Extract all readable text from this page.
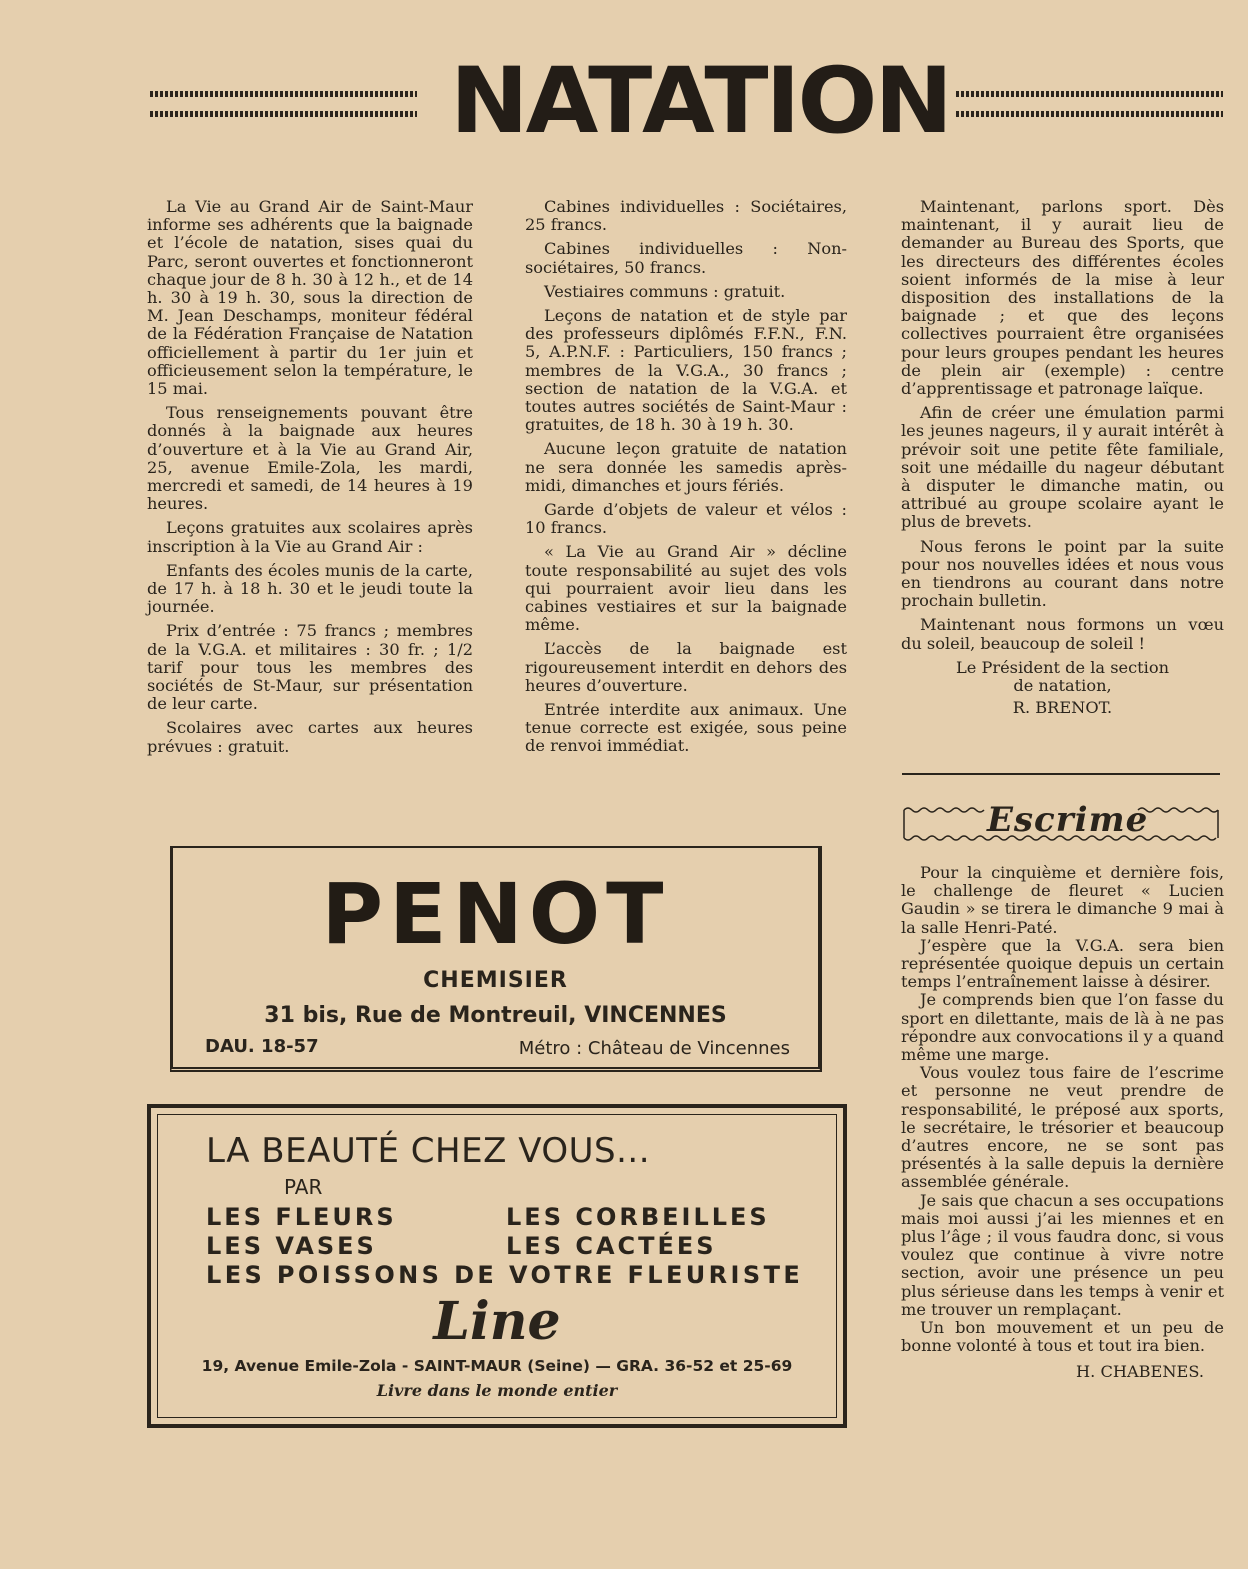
NATATION

La Vie au Grand Air de Saint-Maur informe ses adhérents que la baignade et l’école de natation, sises quai du Parc, seront ouvertes et fonctionneront chaque jour de 8 h. 30 à 12 h., et de 14 h. 30 à 19 h. 30, sous la direction de M. Jean Deschamps, moniteur fédéral de la Fédération Française de Natation officiellement à partir du 1er juin et officieusement selon la température, le 15 mai.

Tous renseignements pouvant être donnés à la baignade aux heures d’ouverture et à la Vie au Grand Air, 25, avenue Emile-Zola, les mardi, mercredi et samedi, de 14 heures à 19 heures.

Leçons gratuites aux scolaires après inscription à la Vie au Grand Air :

Enfants des écoles munis de la carte, de 17 h. à 18 h. 30 et le jeudi toute la journée.

Prix d’entrée : 75 francs ; membres de la V.G.A. et militaires : 30 fr. ; 1/2 tarif pour tous les membres des sociétés de St-Maur, sur présentation de leur carte.

Scolaires avec cartes aux heures prévues : gratuit.

Cabines individuelles : Sociétaires, 25 francs.

Cabines individuelles : Non-sociétaires, 50 francs.

Vestiaires communs : gratuit.

Leçons de natation et de style par des professeurs diplômés F.F.N., F.N. 5, A.P.N.F. : Particuliers, 150 francs ; membres de la V.G.A., 30 francs ; section de natation de la V.G.A. et toutes autres sociétés de Saint-Maur : gratuites, de 18 h. 30 à 19 h. 30.

Aucune leçon gratuite de natation ne sera donnée les samedis après-midi, dimanches et jours fériés.

Garde d’objets de valeur et vélos : 10 francs.

« La Vie au Grand Air » décline toute responsabilité au sujet des vols qui pourraient avoir lieu dans les cabines vestiaires et sur la baignade même.

L’accès de la baignade est rigoureusement interdit en dehors des heures d’ouverture.

Entrée interdite aux animaux. Une tenue correcte est exigée, sous peine de renvoi immédiat.

Maintenant, parlons sport. Dès maintenant, il y aurait lieu de demander au Bureau des Sports, que les directeurs des différentes écoles soient informés de la mise à leur disposition des installations de la baignade ; et que des leçons collectives pourraient être organisées pour leurs groupes pendant les heures de plein air (exemple) : centre d’apprentissage et patronage laïque.

Afin de créer une émulation parmi les jeunes nageurs, il y aurait intérêt à prévoir soit une petite fête familiale, soit une médaille du nageur débutant à disputer le dimanche matin, ou attribué au groupe scolaire ayant le plus de brevets.

Nous ferons le point par la suite pour nos nouvelles idées et nous vous en tiendrons au courant dans notre prochain bulletin.

Maintenant nous formons un vœu du soleil, beaucoup de soleil !

Le Président de la section

de natation,

R. BRENOT.

Escrime

Pour la cinquième et dernière fois, le challenge de fleuret « Lucien Gaudin » se tirera le dimanche 9 mai à la salle Henri-Paté.

J’espère que la V.G.A. sera bien représentée quoique depuis un certain temps l’entraînement laisse à désirer.

Je comprends bien que l’on fasse du sport en dilettante, mais de là à ne pas répondre aux convocations il y a quand même une marge.

Vous voulez tous faire de l’escrime et personne ne veut prendre de responsabilité, le préposé aux sports, le secrétaire, le trésorier et beaucoup d’autres encore, ne se sont pas présentés à la salle depuis la dernière assemblée générale.

Je sais que chacun a ses occupations mais moi aussi j’ai les miennes et en plus l’âge ; il vous faudra donc, si vous voulez que continue à vivre notre section, avoir une présence un peu plus sérieuse dans les temps à venir et me trouver un remplaçant.

Un bon mouvement et un peu de bonne volonté à tous et tout ira bien.

H. CHABENES.

PENOT
CHEMISIER
31 bis, Rue de Montreuil, VINCENNES
DAU. 18-57	Métro : Château de Vincennes
LA BEAUTÉ CHEZ VOUS...
PAR
LES FLEURS	LES CORBEILLES
LES VASES	LES CACTÉES
LES POISSONS DE VOTRE FLEURISTE
Line
19, Avenue Emile-Zola - SAINT-MAUR (Seine) — GRA. 36-52 et 25-69
Livre dans le monde entier
